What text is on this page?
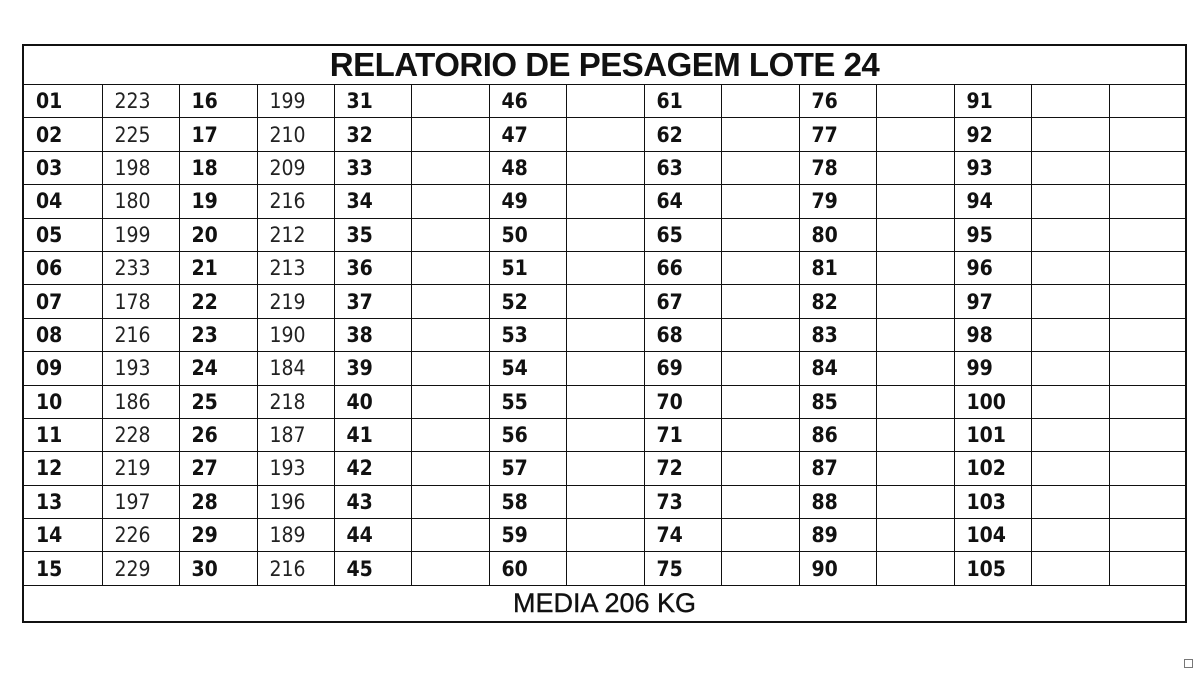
RELATORIO DE PESAGEM LOTE 24														
01	223	16	199	31		46		61		76		91		
02	225	17	210	32		47		62		77		92		
03	198	18	209	33		48		63		78		93		
04	180	19	216	34		49		64		79		94		
05	199	20	212	35		50		65		80		95		
06	233	21	213	36		51		66		81		96		
07	178	22	219	37		52		67		82		97		
08	216	23	190	38		53		68		83		98		
09	193	24	184	39		54		69		84		99		
10	186	25	218	40		55		70		85		100		
11	228	26	187	41		56		71		86		101		
12	219	27	193	42		57		72		87		102		
13	197	28	196	43		58		73		88		103		
14	226	29	189	44		59		74		89		104		
15	229	30	216	45		60		75		90		105		
MEDIA 206 KG														
